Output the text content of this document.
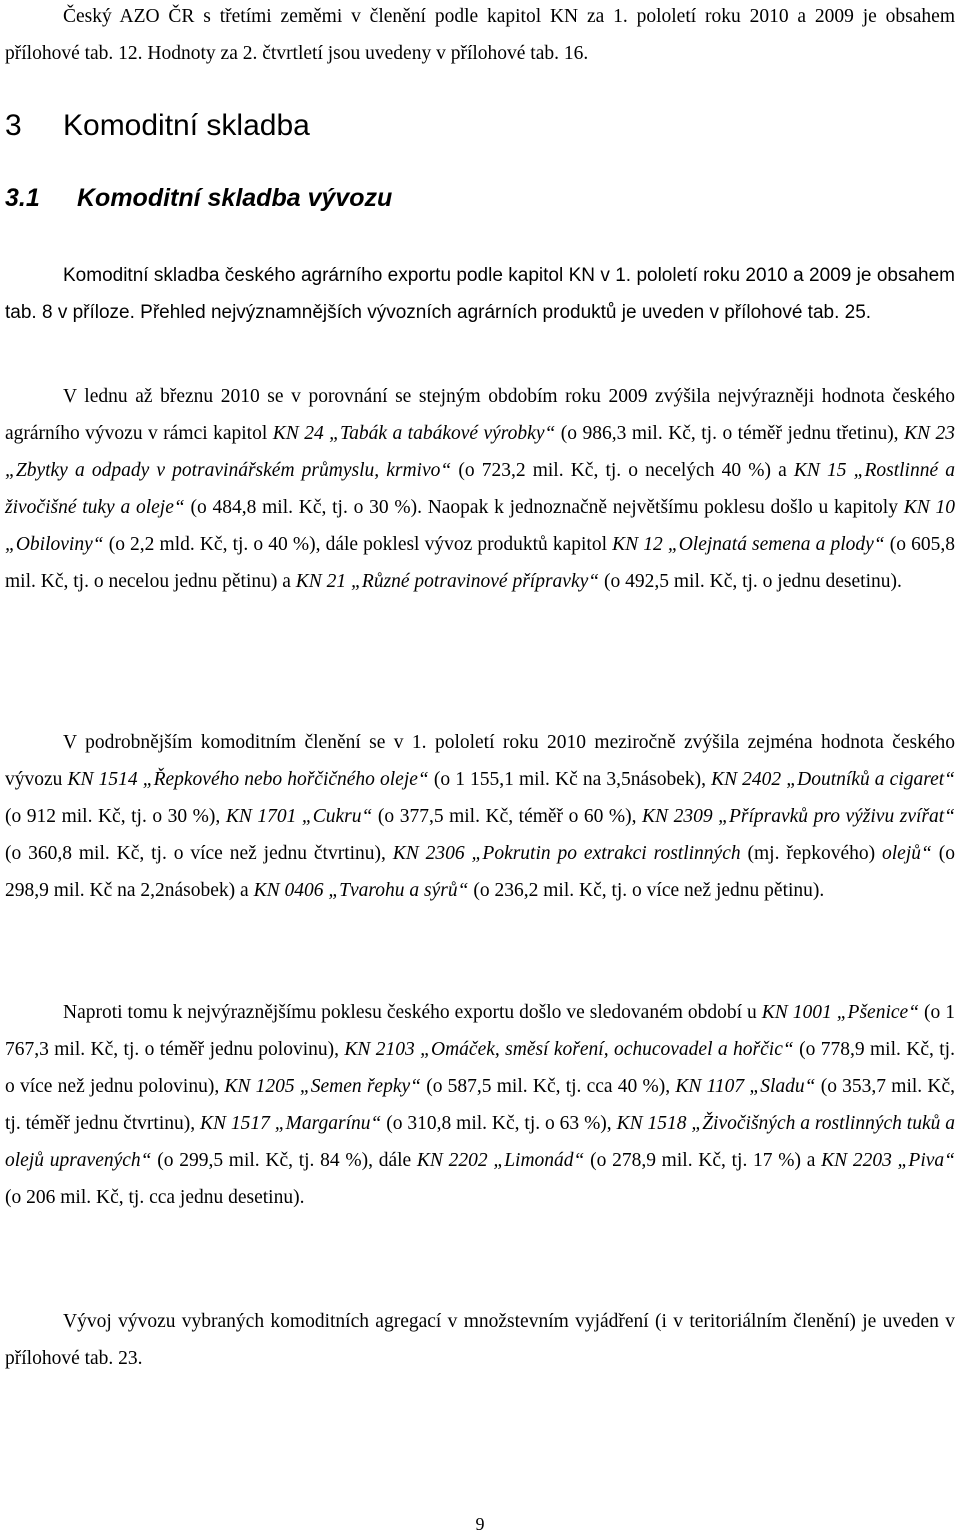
Český AZO ČR s třetími zeměmi v členění podle kapitol KN za 1. pololetí roku 2010 a 2009 je obsahem přílohové tab. 12. Hodnoty za 2. čtvrtletí jsou uvedeny v přílohové tab. 16.
3 Komoditní skladba
3.1 Komoditní skladba vývozu
Komoditní skladba českého agrárního exportu podle kapitol KN v 1. pololetí roku 2010 a 2009 je obsahem tab. 8 v příloze. Přehled nejvýznamnějších vývozních agrárních produktů je uveden v přílohové tab. 25.
V lednu až březnu 2010 se v porovnání se stejným obdobím roku 2009 zvýšila nejvýrazněji hodnota českého agrárního vývozu v rámci kapitol KN 24 „Tabák a tabákové výrobky“ (o 986,3 mil. Kč, tj. o téměř jednu třetinu), KN 23 „Zbytky a odpady v potravinářském průmyslu, krmivo“ (o 723,2 mil. Kč, tj. o necelých 40 %) a KN 15 „Rostlinné a živočišné tuky a oleje“ (o 484,8 mil. Kč, tj. o 30 %). Naopak k jednoznačně největšímu poklesu došlo u kapitoly KN 10 „Obiloviny“ (o 2,2 mld. Kč, tj. o 40 %), dále poklesl vývoz produktů kapitol KN 12 „Olejnatá semena a plody“ (o 605,8 mil. Kč, tj. o necelou jednu pětinu) a KN 21 „Různé potravinové přípravky“ (o 492,5 mil. Kč, tj. o jednu desetinu).
V podrobnějším komoditním členění se v 1. pololetí roku 2010 meziročně zvýšila zejména hodnota českého vývozu KN 1514 „Řepkového nebo hořčičného oleje“ (o 1 155,1 mil. Kč na 3,5násobek), KN 2402 „Doutníků a cigaret“ (o 912 mil. Kč, tj. o 30 %), KN 1701 „Cukru“ (o 377,5 mil. Kč, téměř o 60 %), KN 2309 „Přípravků pro výživu zvířat“ (o 360,8 mil. Kč, tj. o více než jednu čtvrtinu), KN 2306 „Pokrutin po extrakci rostlinných (mj. řepkového) olejů“ (o 298,9 mil. Kč na 2,2násobek) a KN 0406 „Tvarohu a sýrů“ (o 236,2 mil. Kč, tj. o více než jednu pětinu).
Naproti tomu k nejvýraznějšímu poklesu českého exportu došlo ve sledovaném období u KN 1001 „Pšenice“ (o 1 767,3 mil. Kč, tj. o téměř jednu polovinu), KN 2103 „Omáček, směsí koření, ochucovadel a hořčic“ (o 778,9 mil. Kč, tj. o více než jednu polovinu), KN 1205 „Semen řepky“ (o 587,5 mil. Kč, tj. cca 40 %), KN 1107 „Sladu“ (o 353,7 mil. Kč, tj. téměř jednu čtvrtinu), KN 1517 „Margarínu“ (o 310,8 mil. Kč, tj. o 63 %), KN 1518 „Živočišných a rostlinných tuků a olejů upravených“ (o 299,5 mil. Kč, tj. 84 %), dále KN 2202 „Limonád“ (o 278,9 mil. Kč, tj. 17 %) a KN 2203 „Piva“ (o 206 mil. Kč, tj. cca jednu desetinu).
Vývoj vývozu vybraných komoditních agregací v množstevním vyjádření (i v teritoriálním členění) je uveden v přílohové tab. 23.
9
